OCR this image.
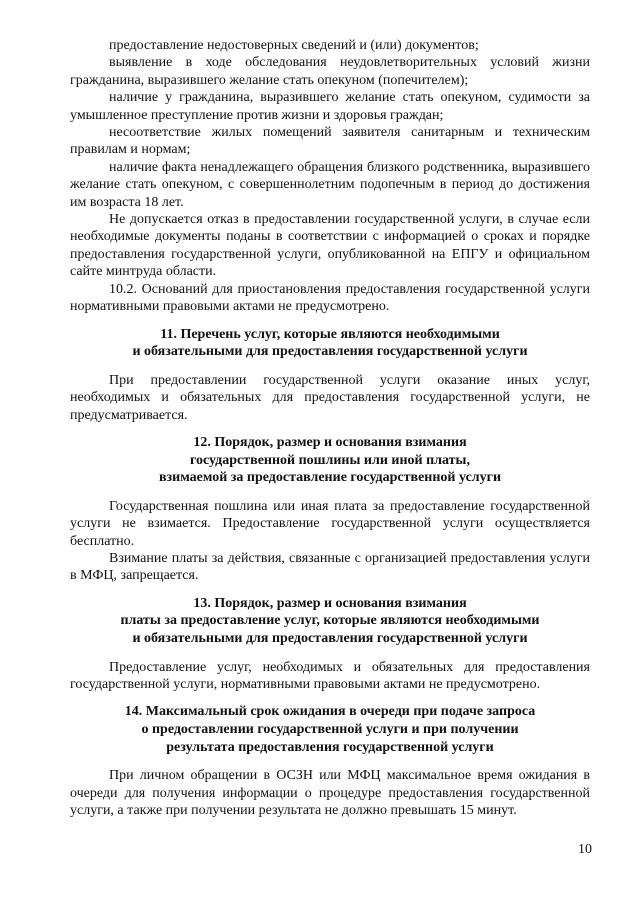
предоставление недостоверных сведений и (или) документов;

выявление в ходе обследования неудовлетворительных условий жизни гражданина, выразившего желание стать опекуном (попечителем);

наличие у гражданина, выразившего желание стать опекуном, судимости за умышленное преступление против жизни и здоровья граждан;

несоответствие жилых помещений заявителя санитарным и техническим правилам и нормам;

наличие факта ненадлежащего обращения близкого родственника, выразившего желание стать опекуном, с совершеннолетним подопечным в период до достижения им возраста 18 лет.

Не допускается отказ в предоставлении государственной услуги, в случае если необходимые документы поданы в соответствии с информацией о сроках и порядке предоставления государственной услуги, опубликованной на ЕПГУ и официальном сайте минтруда области.

10.2. Оснований для приостановления предоставления государственной услуги нормативными правовыми актами не предусмотрено.

11. Перечень услуг, которые являются необходимыми
и обязательными для предоставления государственной услуги

При предоставлении государственной услуги оказание иных услуг, необходимых и обязательных для предоставления государственной услуги, не предусматривается.

12. Порядок, размер и основания взимания
государственной пошлины или иной платы,
взимаемой за предоставление государственной услуги

Государственная пошлина или иная плата за предоставление государственной услуги не взимается. Предоставление государственной услуги осуществляется бесплатно.

Взимание платы за действия, связанные с организацией предоставления услуги в МФЦ, запрещается.

13. Порядок, размер и основания взимания
платы за предоставление услуг, которые являются необходимыми
и обязательными для предоставления государственной услуги

Предоставление услуг, необходимых и обязательных для предоставления государственной услуги, нормативными правовыми актами не предусмотрено.

14. Максимальный срок ожидания в очереди при подаче запроса
о предоставлении государственной услуги и при получении
результата предоставления государственной услуги

При личном обращении в ОСЗН или МФЦ максимальное время ожидания в очереди для получения информации о процедуре предоставления государственной услуги, а также при получении результата не должно превышать 15 минут.

10
